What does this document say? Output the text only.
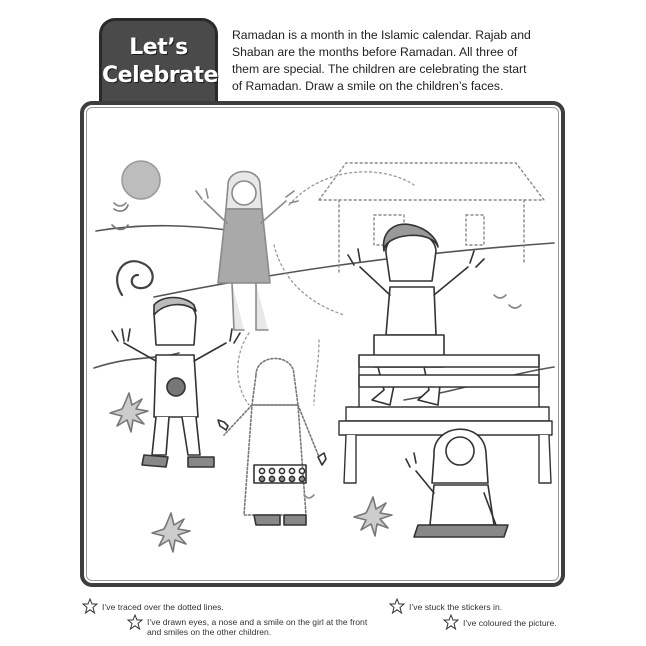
Let’s
Celebrate
Ramadan is a month in the Islamic calendar. Rajab and Shaban are the months before Ramadan. All three of them are special. The children are celebrating the start of Ramadan. Draw a smile on the children’s faces.
I’ve traced over the dotted lines.
I’ve drawn eyes, a nose and a smile on the girl at the front
and smiles on the other children.
I’ve stuck the stickers in.
I’ve coloured the picture.
